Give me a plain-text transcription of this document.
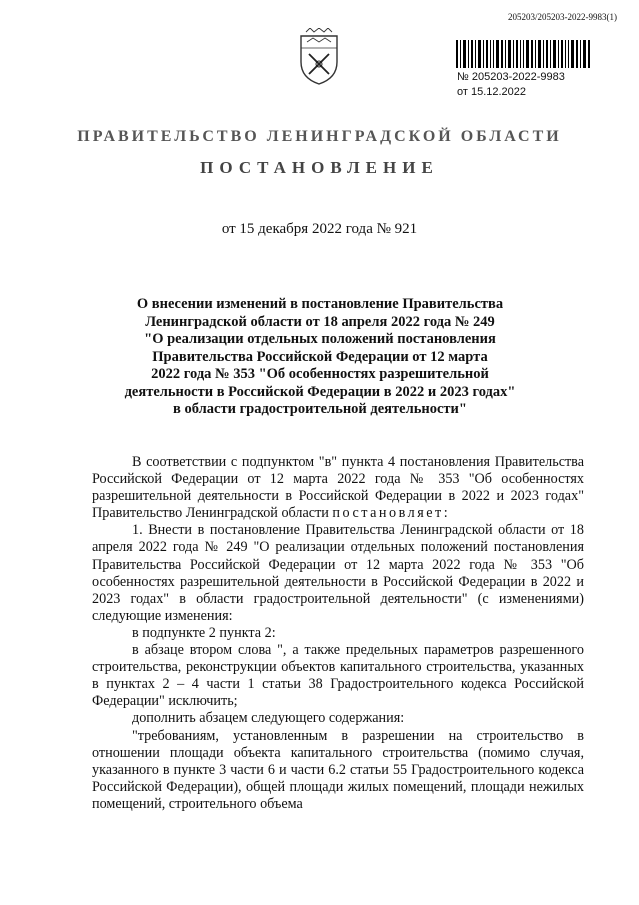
205203/205203-2022-9983(1)
№ 205203-2022-9983
от 15.12.2022
ПРАВИТЕЛЬСТВО ЛЕНИНГРАДСКОЙ ОБЛАСТИ
ПОСТАНОВЛЕНИЕ
от 15 декабря 2022 года № 921
О внесении изменений в постановление Правительства
Ленинградской области от 18 апреля 2022 года № 249
"О реализации отдельных положений постановления
Правительства Российской Федерации от 12 марта
2022 года № 353 "Об особенностях разрешительной
деятельности в Российской Федерации в 2022 и 2023 годах"
в области градостроительной деятельности"

В соответствии с подпунктом "в" пункта 4 постановления Правительства Российской Федерации от 12 марта 2022 года № 353 "Об особенностях разрешительной деятельности в Российской Федерации в 2022 и 2023 годах" Правительство Ленинградской области постановляет:

1. Внести в постановление Правительства Ленинградской области от 18 апреля 2022 года № 249 "О реализации отдельных положений постановления Правительства Российской Федерации от 12 марта 2022 года № 353 "Об особенностях разрешительной деятельности в Российской Федерации в 2022 и 2023 годах" в области градостроительной деятельности" (с изменениями) следующие изменения:

в подпункте 2 пункта 2:

в абзаце втором слова ", а также предельных параметров разрешенного строительства, реконструкции объектов капитального строительства, указанных в пунктах 2 – 4 части 1 статьи 38 Градостроительного кодекса Российской Федерации" исключить;

дополнить абзацем следующего содержания:

"требованиям, установленным в разрешении на строительство в отношении площади объекта капитального строительства (помимо случая, указанного в пункте 3 части 6 и части 6.2 статьи 55 Градостроительного кодекса Российской Федерации), общей площади жилых помещений, площади нежилых помещений, строительного объема
